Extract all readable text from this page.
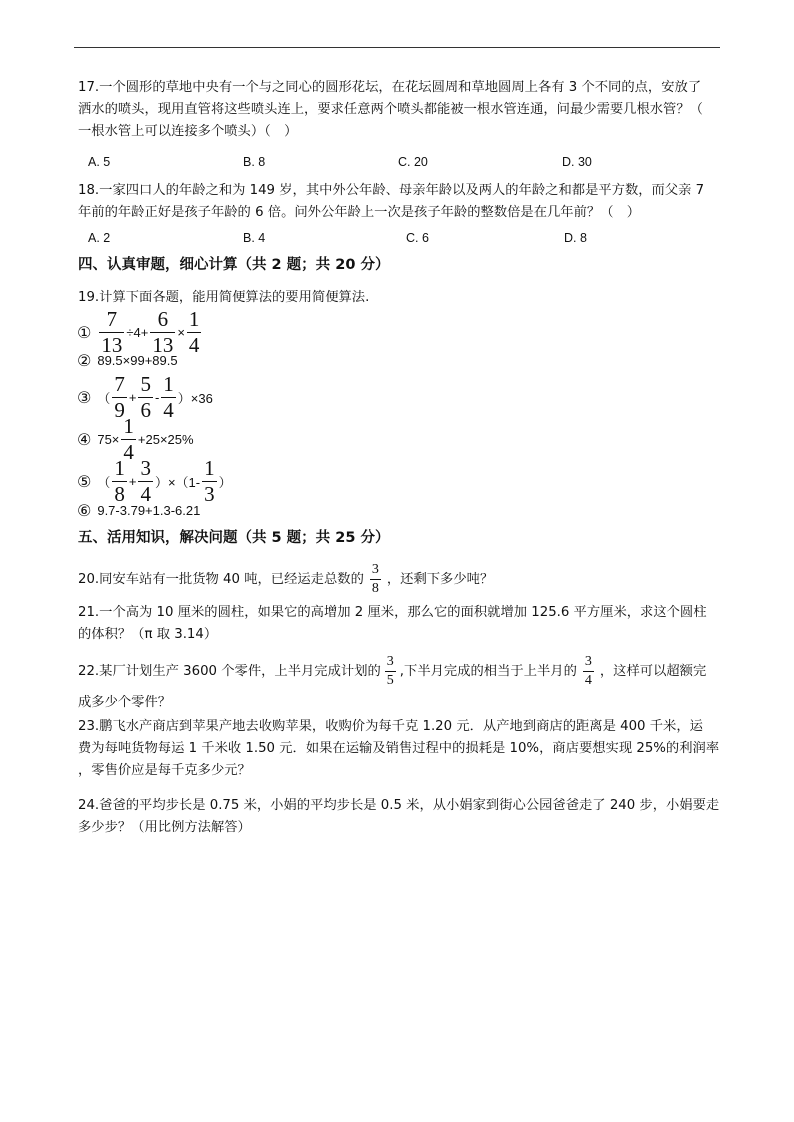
17.一个圆形的草地中央有一个与之同心的圆形花坛，在花坛圆周和草地圆周上各有 3 个不同的点，安放了
洒水的喷头，现用直管将这些喷头连上，要求任意两个喷头都能被一根水管连通，问最少需要几根水管？（
一根水管上可以连接多个喷头）（　）
A. 5	B. 8	C. 20	D. 30
18.一家四口人的年龄之和为 149 岁，其中外公年龄、母亲年龄以及两人的年龄之和都是平方数，而父亲 7
年前的年龄正好是孩子年龄的 6 倍。问外公年龄上一次是孩子年龄的整数倍是在几年前？（　）
A. 2	B. 4	C. 6	D. 8
四、认真审题，细心计算（共 2 题；共 20 分）
19.计算下面各题，能用简便算法的要用简便算法.
① $\frac{7}{13} \div 4+ \frac{6}{13} \times \frac{1}{4}$
② 89.5×99+89.5
③ （ $\frac{7}{9} + \frac{5}{6} - \frac{1}{4} )\times 36$
④ $75\times \frac{1}{4} +25\times 25\%$
⑤ （ $\frac{1}{8} + \frac{3}{4} )\times(1- \frac{1}{3}$ ）
⑥ 9.7-3.79+1.3-6.21
五、活用知识，解决问题（共 5 题；共 25 分）
20.同安车站有一批货物 40 吨，已经运走总数的 $\frac{3}{8}$ ，还剩下多少吨？
21.一个高为 10 厘米的圆柱，如果它的高增加 2 厘米，那么它的面积就增加 125.6 平方厘米，求这个圆柱
的体积？（π 取 3.14）
22.某厂计划生产 3600 个零件，上半月完成计划的 $\frac{3}{5}$ ,下半月完成的相当于上半月的 $\frac{3}{4}$ ，这样可以超额完
成多少个零件？
23.鹏飞水产商店到苹果产地去收购苹果，收购价为每千克 1.20 元．从产地到商店的距离是 400 千米，运
费为每吨货物每运 1 千米收 1.50 元．如果在运输及销售过程中的损耗是 10%，商店要想实现 25%的利润率
，零售价应是每千克多少元？
24.爸爸的平均步长是 0.75 米，小娟的平均步长是 0.5 米，从小娟家到街心公园爸爸走了 240 步，小娟要走
多少步？（用比例方法解答）
